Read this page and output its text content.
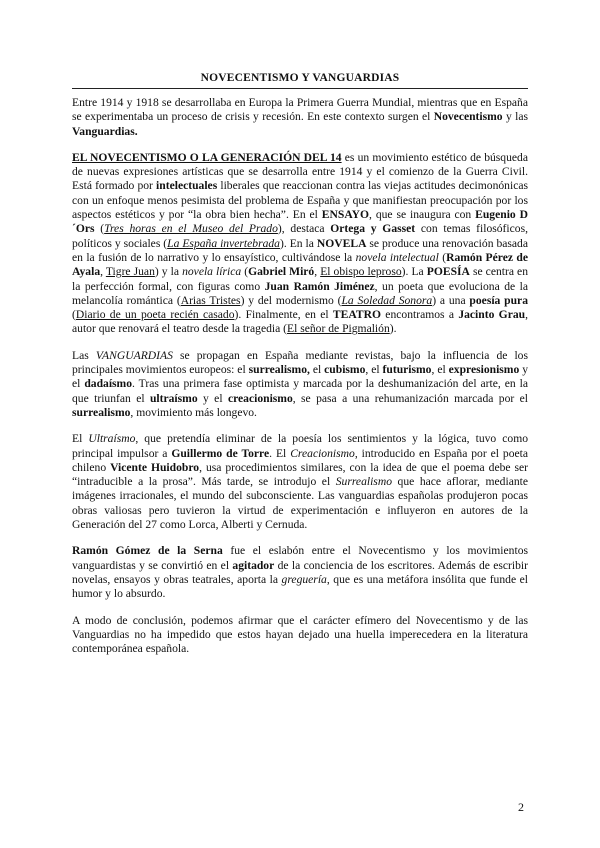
NOVECENTISMO Y VANGUARDIAS

Entre 1914 y 1918 se desarrollaba en Europa la Primera Guerra Mundial, mientras que en España se experimentaba un proceso de crisis y recesión. En este contexto surgen el Novecentismo y las Vanguardias.

EL NOVECENTISMO O LA GENERACIÓN DEL 14 es un movimiento estético de búsqueda de nuevas expresiones artísticas que se desarrolla entre 1914 y el comienzo de la Guerra Civil. Está formado por intelectuales liberales que reaccionan contra las viejas actitudes decimonónicas con un enfoque menos pesimista del problema de España y que manifiestan preocupación por los aspectos estéticos y por “la obra bien hecha”. En el ENSAYO, que se inaugura con Eugenio D´Ors (Tres horas en el Museo del Prado), destaca Ortega y Gasset con temas filosóficos, políticos y sociales (La España invertebrada). En la NOVELA se produce una renovación basada en la fusión de lo narrativo y lo ensayístico, cultivándose la novela intelectual (Ramón Pérez de Ayala, Tigre Juan) y la novela lírica (Gabriel Miró, El obispo leproso). La POESÍA se centra en la perfección formal, con figuras como Juan Ramón Jiménez, un poeta que evoluciona de la melancolía romántica (Arias Tristes) y del modernismo (La Soledad Sonora) a una poesía pura (Diario de un poeta recién casado). Finalmente, en el TEATRO encontramos a Jacinto Grau, autor que renovará el teatro desde la tragedia (El señor de Pigmalión).

Las VANGUARDIAS se propagan en España mediante revistas, bajo la influencia de los principales movimientos europeos: el surrealismo, el cubismo, el futurismo, el expresionismo y el dadaísmo. Tras una primera fase optimista y marcada por la deshumanización del arte, en la que triunfan el ultraísmo y el creacionismo, se pasa a una rehumanización marcada por el surrealismo, movimiento más longevo.

El Ultraísmo, que pretendía eliminar de la poesía los sentimientos y la lógica, tuvo como principal impulsor a Guillermo de Torre. El Creacionismo, introducido en España por el poeta chileno Vicente Huidobro, usa procedimientos similares, con la idea de que el poema debe ser “intraducible a la prosa”. Más tarde, se introdujo el Surrealismo que hace aflorar, mediante imágenes irracionales, el mundo del subconsciente. Las vanguardias españolas produjeron pocas obras valiosas pero tuvieron la virtud de experimentación e influyeron en autores de la Generación del 27 como Lorca, Alberti y Cernuda.

Ramón Gómez de la Serna fue el eslabón entre el Novecentismo y los movimientos vanguardistas y se convirtió en el agitador de la conciencia de los escritores. Además de escribir novelas, ensayos y obras teatrales, aporta la greguería, que es una metáfora insólita que funde el humor y lo absurdo.

A modo de conclusión, podemos afirmar que el carácter efímero del Novecentismo y de las Vanguardias no ha impedido que estos hayan dejado una huella imperecedera en la literatura contemporánea española.

2
